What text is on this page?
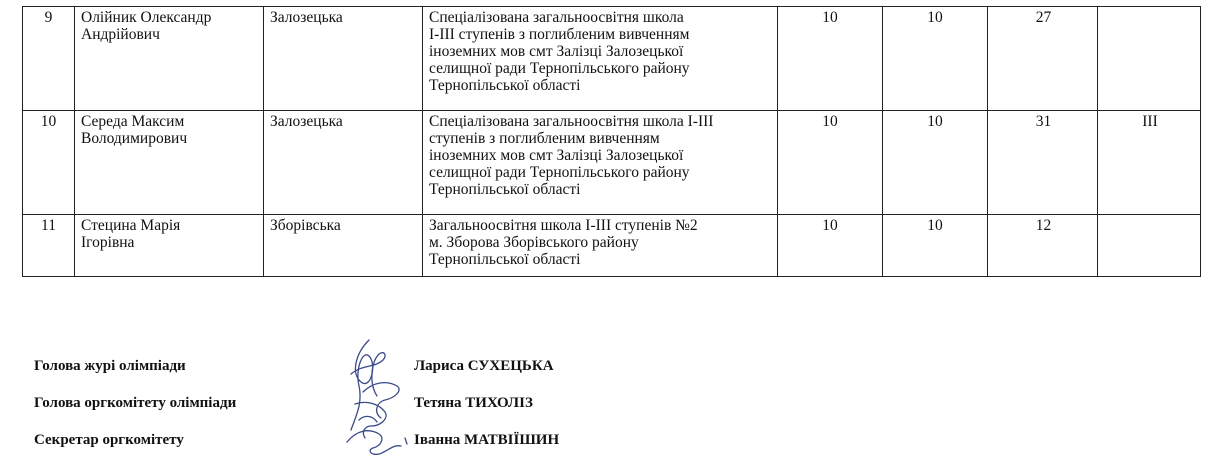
9	Олійник Олександр
Андрійович	Залозецька	Спеціалізована загальноосвітня школа
І-ІІІ ступенів з поглибленим вивченням
іноземних мов смт Залізці Залозецької
селищної ради Тернопільського району
Тернопільської області	10	10	27	
10	Середа Максим
Володимирович	Залозецька	Спеціалізована загальноосвітня школа І-ІІІ
ступенів з поглибленим вивченням
іноземних мов смт Залізці Залозецької
селищної ради Тернопільського району
Тернопільської області	10	10	31	ІІІ
11	Стецина Марія
Ігорівна	Зборівська	Загальноосвітня школа І-ІІІ ступенів №2
м. Зборова Зборівського району
Тернопільської області	10	10	12	
Голова журі олімпіади	Лариса СУХЕЦЬКА
Голова оргкомітету олімпіади	Тетяна ТИХОЛІЗ
Секретар оргкомітету	Іванна МАТВІЇШИН
